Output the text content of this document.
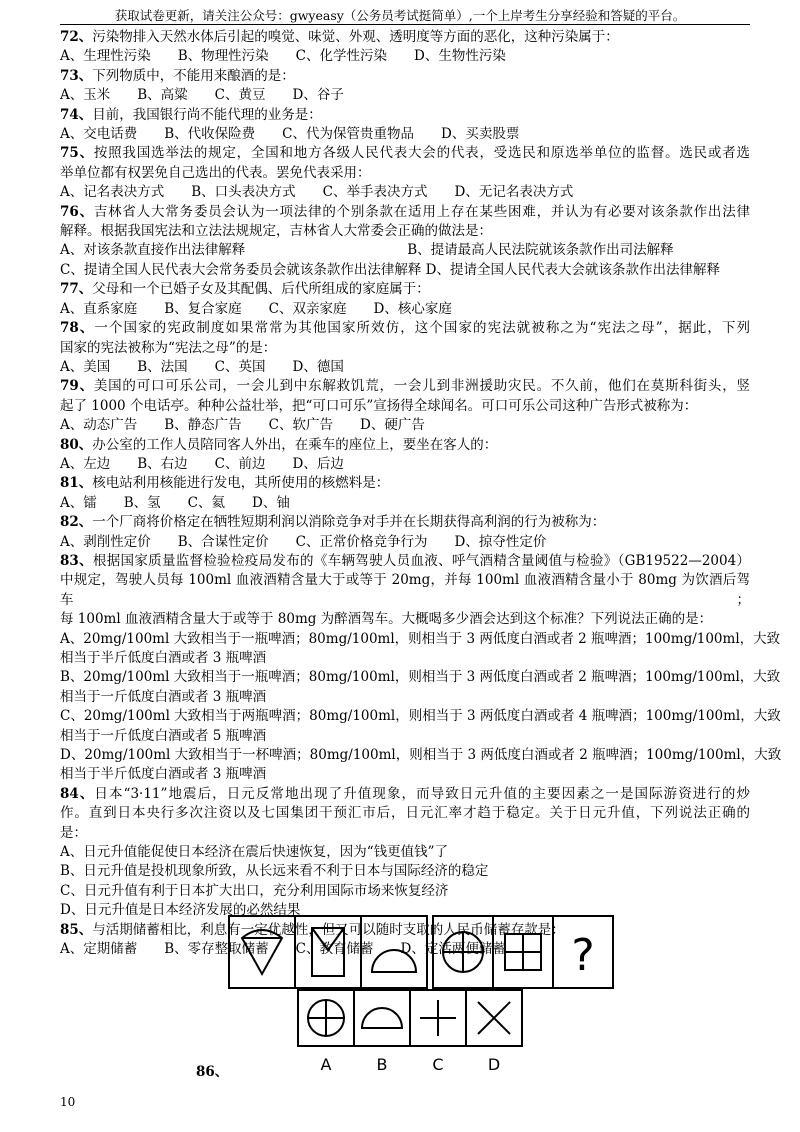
获取试卷更新，请关注公众号：gwyeasy（公务员考试挺简单）,一个上岸考生分享经验和答疑的平台。
72、污染物排入天然水体后引起的嗅觉、味觉、外观、透明度等方面的恶化，这种污染属于：
A、生理性污染　　B、物理性污染　　C、化学性污染　　D、生物性污染
73、下列物质中，不能用来酿酒的是：
A、玉米　　B、高粱　　C、黄豆　　D、谷子
74、目前，我国银行尚不能代理的业务是：
A、交电话费　　B、代收保险费　　C、代为保管贵重物品　　D、买卖股票
75、按照我国选举法的规定，全国和地方各级人民代表大会的代表，受选民和原选举单位的监督。选民或者选
举单位都有权罢免自己选出的代表。罢免代表采用：
A、记名表决方式　　B、口头表决方式　　C、举手表决方式　　D、无记名表决方式
76、吉林省人大常务委员会认为一项法律的个别条款在适用上存在某些困难，并认为有必要对该条款作出法律
解释。根据我国宪法和立法法规规定，吉林省人大常委会正确的做法是：
A、对该条款直接作出法律解释　　　　　　　　　　　　B、提请最高人民法院就该条款作出司法解释
C、提请全国人民代表大会常务委员会就该条款作出法律解释 D、提请全国人民代表大会就该条款作出法律解释
77、父母和一个已婚子女及其配偶、后代所组成的家庭属于：
A、直系家庭　　B、复合家庭　　C、双亲家庭　　D、核心家庭
78、一个国家的宪政制度如果常常为其他国家所效仿，这个国家的宪法就被称之为“宪法之母”，据此，下列
国家的宪法被称为“宪法之母”的是：
A、美国　　B、法国　　C、英国　　D、德国
79、美国的可口可乐公司，一会儿到中东解救饥荒，一会儿到非洲援助灾民。不久前，他们在莫斯科街头，竖
起了 1000 个电话亭。种种公益壮举，把“可口可乐”宣扬得全球闻名。可口可乐公司这种广告形式被称为：
A、动态广告　　B、静态广告　　C、软广告　　D、硬广告
80、办公室的工作人员陪同客人外出，在乘车的座位上，要坐在客人的：
A、左边　　B、右边　　C、前边　　D、后边
81、核电站利用核能进行发电，其所使用的核燃料是：
A、镭　　B、氢　　C、氦　　D、铀
82、一个厂商将价格定在牺牲短期利润以消除竞争对手并在长期获得高利润的行为被称为：
A、剥削性定价　　B、合谋性定价　　C、正常价格竞争行为　　D、掠夺性定价
83、根据国家质量监督检验检疫局发布的《车辆驾驶人员血液、呼气酒精含量阈值与检验》（GB19522—2004）
中规定，驾驶人员每 100ml 血液酒精含量大于或等于 20mg，并每 100ml 血液酒精含量小于 80mg 为饮酒后驾车；
每 100ml 血液酒精含量大于或等于 80mg 为醉酒驾车。大概喝多少酒会达到这个标准？下列说法正确的是：
A、20mg/100ml 大致相当于一瓶啤酒；80mg/100ml，则相当于 3 两低度白酒或者 2 瓶啤酒；100mg/100ml，大致
相当于半斤低度白酒或者 3 瓶啤酒
B、20mg/100ml 大致相当于一瓶啤酒；80mg/100ml，则相当于 3 两低度白酒或者 2 瓶啤酒；100mg/100ml，大致
相当于一斤低度白酒或者 3 瓶啤酒
C、20mg/100ml 大致相当于两瓶啤酒；80mg/100ml，则相当于 3 两低度白酒或者 4 瓶啤酒；100mg/100ml，大致
相当于一斤低度白酒或者 5 瓶啤酒
D、20mg/100ml 大致相当于一杯啤酒；80mg/100ml，则相当于 3 两低度白酒或者 2 瓶啤酒；100mg/100ml，大致
相当于半斤低度白酒或者 3 瓶啤酒
84、日本“3·11”地震后，日元反常地出现了升值现象，而导致日元升值的主要因素之一是国际游资进行的炒
作。直到日本央行多次注资以及七国集团干预汇市后，日元汇率才趋于稳定。关于日元升值，下列说法正确的
是：
A、日元升值能促使日本经济在震后快速恢复，因为“钱更值钱”了
B、日元升值是投机现象所致，从长远来看不利于日本与国际经济的稳定
C、日元升值有利于日本扩大出口，充分利用国际市场来恢复经济
D、日元升值是日本经济发展的必然结果
85、与活期储蓄相比，利息有一定优越性，但又可以随时支取的人民币储蓄存款是：
A、定期储蓄　　B、零存整取储蓄　　C、教育储蓄　　D、定活两便储蓄	?
A	B	C	D
86、
10
